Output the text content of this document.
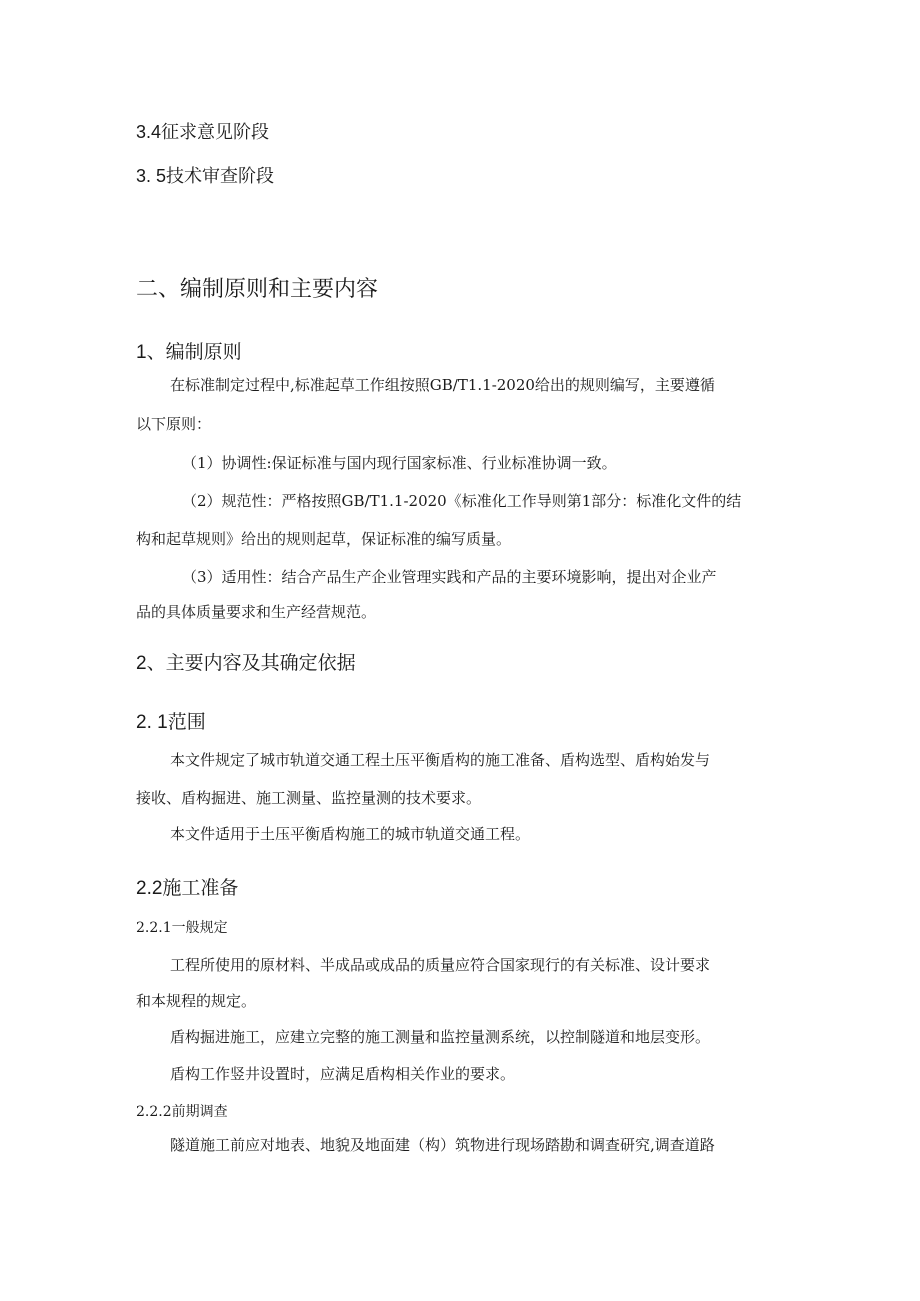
3.4征求意见阶段
3. 5技术审查阶段
二、编制原则和主要内容
1、编制原则
在标准制定过程中,标准起草工作组按照GB/T1.1-2020给出的规则编写，主要遵循
以下原则：
（1）协调性:保证标准与国内现行国家标准、行业标准协调一致。
（2）规范性：严格按照GB/T1.1-2020《标准化工作导则第1部分：标准化文件的结
构和起草规则》给出的规则起草，保证标准的编写质量。
（3）适用性：结合产品生产企业管理实践和产品的主要环境影响，提出对企业产
品的具体质量要求和生产经营规范。
2、主要内容及其确定依据
2. 1范围
本文件规定了城市轨道交通工程土压平衡盾构的施工准备、盾构选型、盾构始发与
接收、盾构掘进、施工测量、监控量测的技术要求。
本文件适用于土压平衡盾构施工的城市轨道交通工程。
2.2施工准备
2.2.1一般规定
工程所使用的原材料、半成品或成品的质量应符合国家现行的有关标准、设计要求
和本规程的规定。
盾构掘进施工，应建立完整的施工测量和监控量测系统，以控制隧道和地层变形。
盾构工作竖井设置时，应满足盾构相关作业的要求。
2.2.2前期调查
隧道施工前应对地表、地貌及地面建（构）筑物进行现场踏勘和调查研究,调查道路
